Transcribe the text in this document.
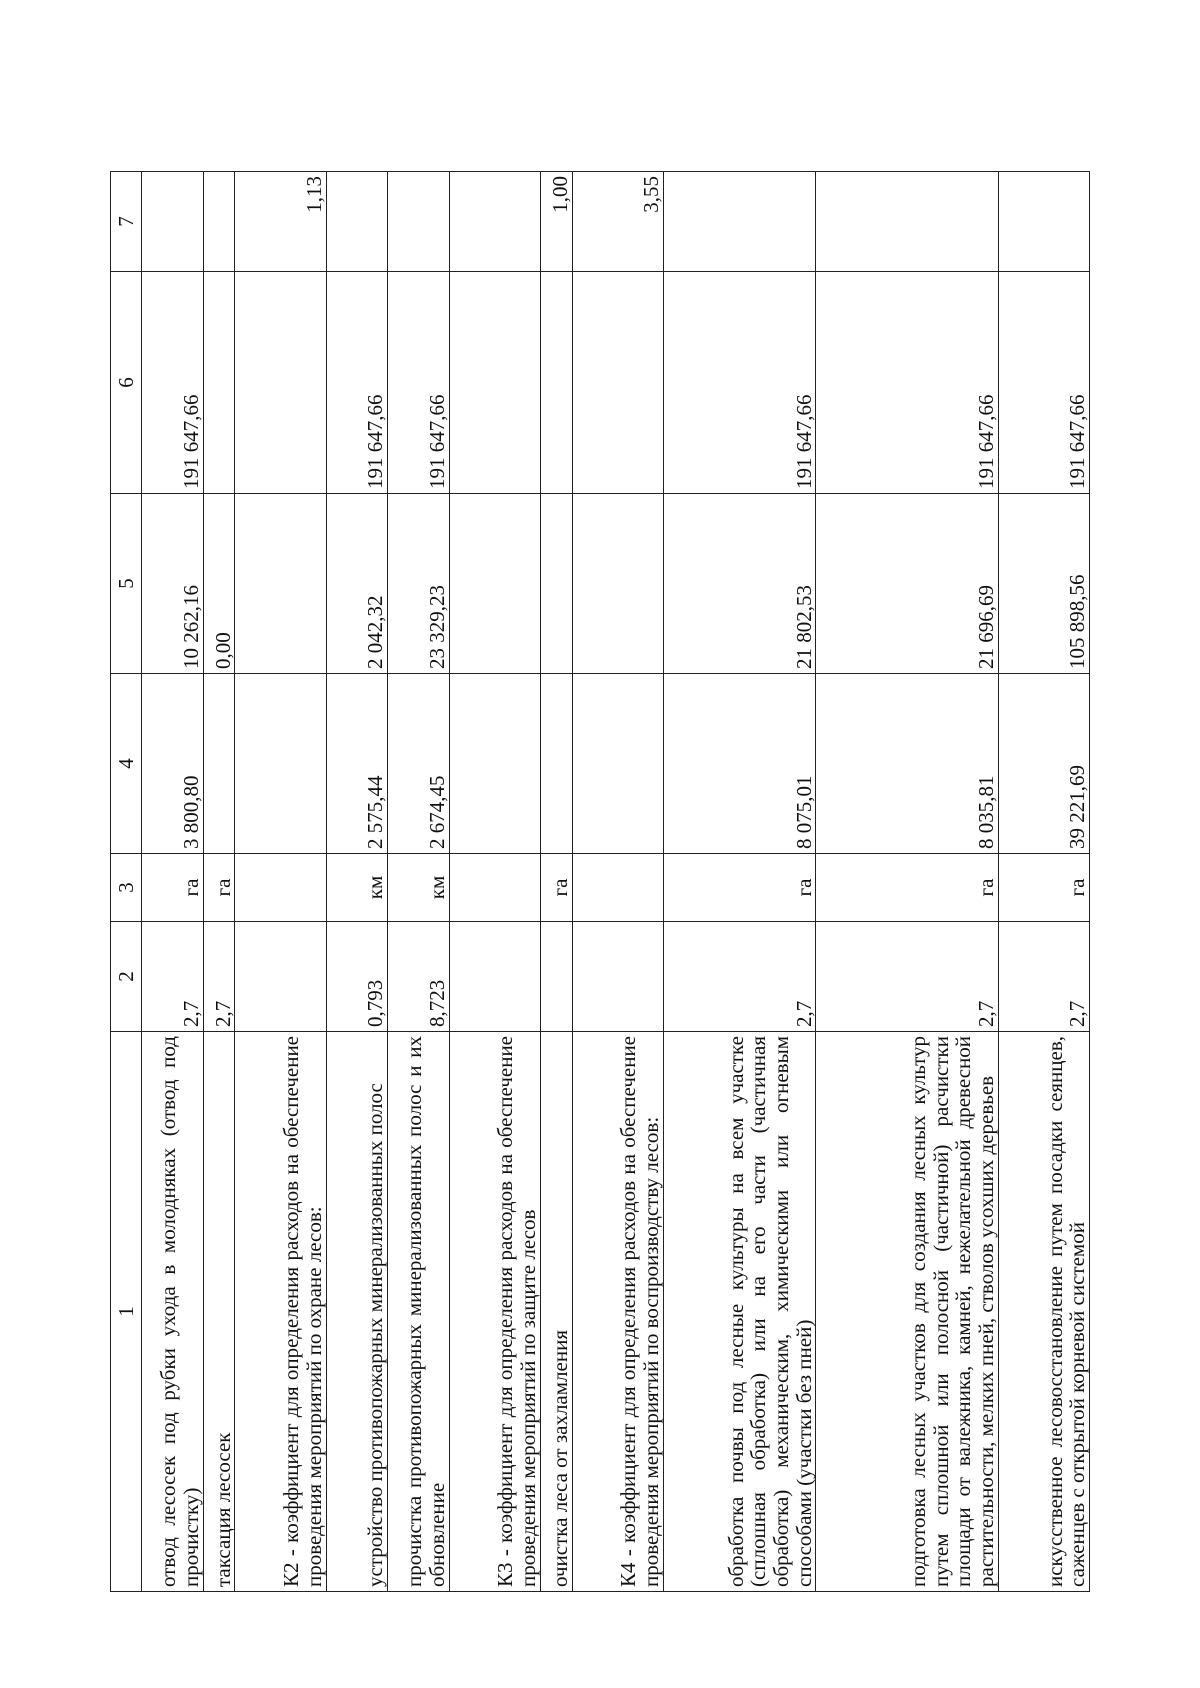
1	2	3	4	5	6	7
отвод лесосек под рубки ухода в молодняках (отвод под прочистку)	2,7	га	3 800,80	10 262,16	191 647,66	
таксация лесосек	2,7	га		0,00		
К2 - коэффициент для определения расходов на обеспечение проведения мероприятий по охране лесов:						1,13
устройство противопожарных минерализованных полос	0,793	км	2 575,44	2 042,32	191 647,66	
прочистка противопожарных минерализованных полос и их обновление	8,723	км	2 674,45	23 329,23	191 647,66	
К3 - коэффициент для определения расходов на обеспечение проведения мероприятий по защите лесов						
очистка леса от захламления		га				1,00
К4 - коэффициент для определения расходов на обеспечение проведения мероприятий по воспроизводству лесов:						3,55
обработка почвы под лесные культуры на всем участке (сплошная обработка) или на его части (частичная обработка) механическим, химическими или огневым способами (участки без пней)	2,7	га	8 075,01	21 802,53	191 647,66	
подготовка лесных участков для создания лесных культур путем сплошной или полосной (частичной) расчистки площади от валежника, камней, нежелательной древесной растительности, мелких пней, стволов усохших деревьев	2,7	га	8 035,81	21 696,69	191 647,66	
искусственное лесовосстановление путем посадки сеянцев, саженцев с открытой корневой системой	2,7	га	39 221,69	105 898,56	191 647,66	
